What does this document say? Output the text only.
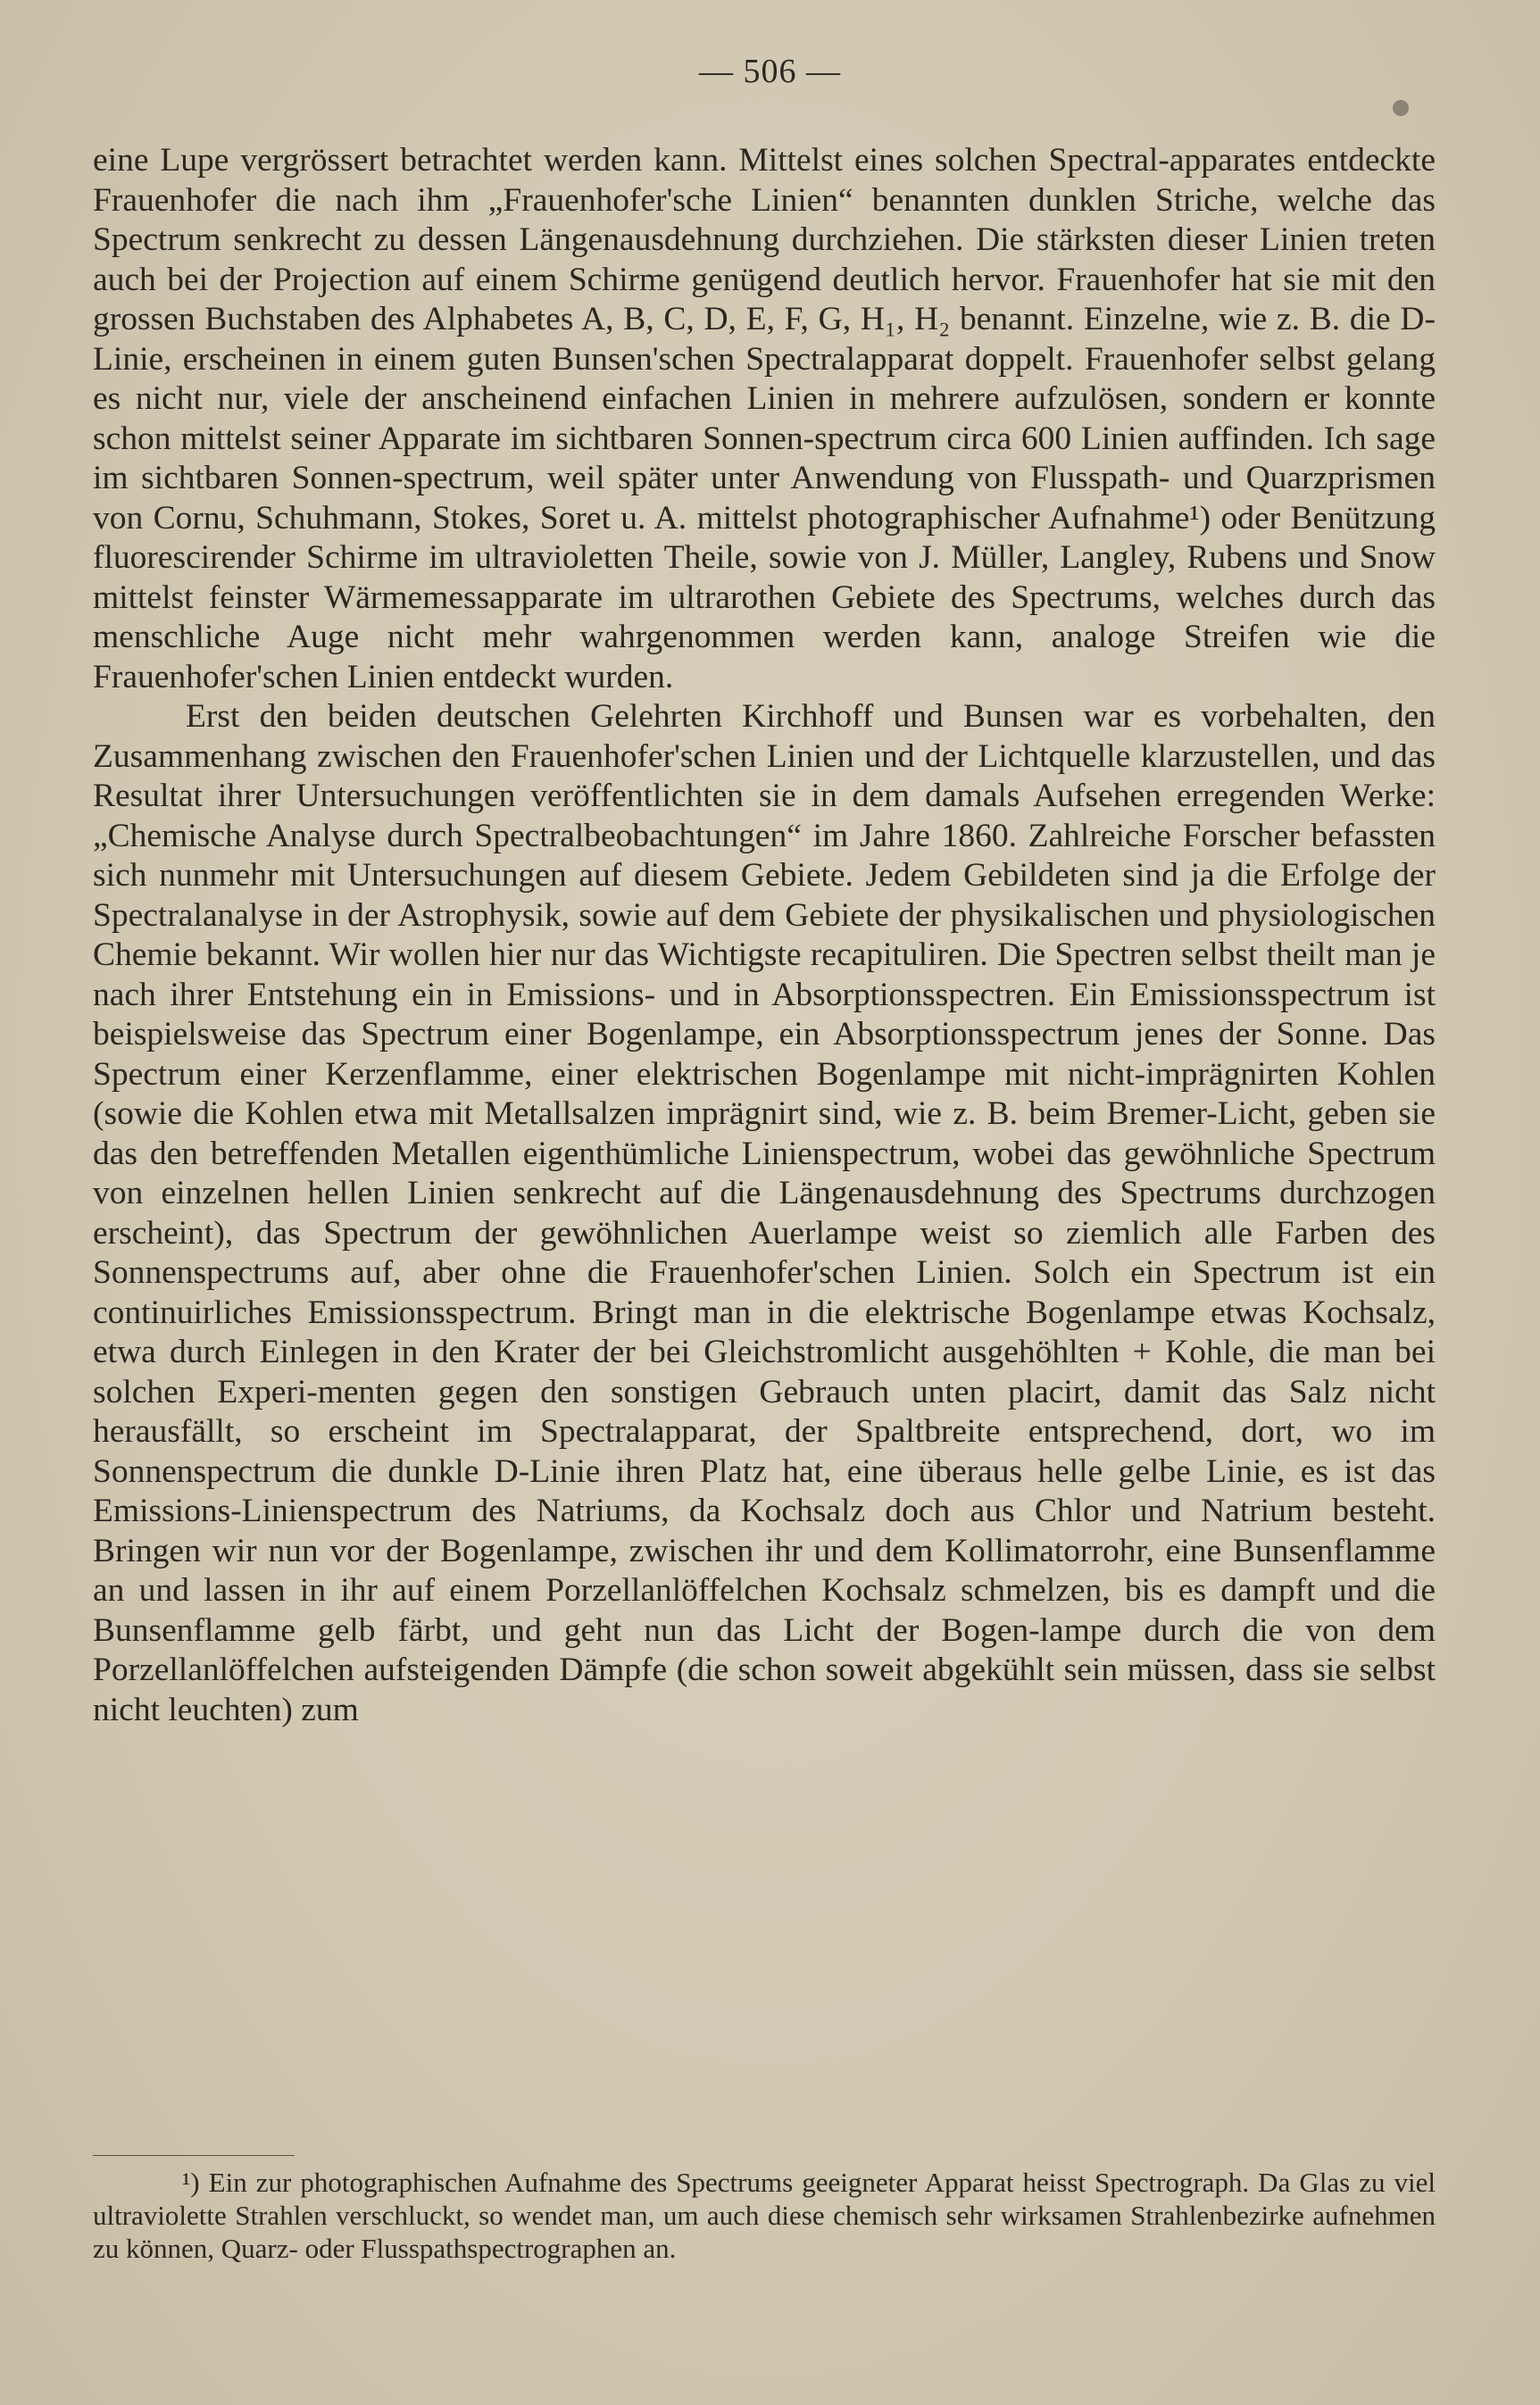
— 506 —

eine Lupe vergrössert betrachtet werden kann. Mittelst eines solchen Spectral-apparates entdeckte Frauenhofer die nach ihm „Frauenhofer'sche Linien“ benannten dunklen Striche, welche das Spectrum senkrecht zu dessen Längenausdehnung durchziehen. Die stärksten dieser Linien treten auch bei der Projection auf einem Schirme genügend deutlich hervor. Frauenhofer hat sie mit den grossen Buchstaben des Alphabetes A, B, C, D, E, F, G, H₁, H₂ benannt. Einzelne, wie z. B. die D-Linie, erscheinen in einem guten Bunsen'schen Spectralapparat doppelt. Frauenhofer selbst gelang es nicht nur, viele der anscheinend einfachen Linien in mehrere aufzulösen, sondern er konnte schon mittelst seiner Apparate im sichtbaren Sonnen-spectrum circa 600 Linien auffinden. Ich sage im sichtbaren Sonnen-spectrum, weil später unter Anwendung von Flusspath- und Quarzprismen von Cornu, Schuhmann, Stokes, Soret u. A. mittelst photographischer Aufnahme¹) oder Benützung fluorescirender Schirme im ultravioletten Theile, sowie von J. Müller, Langley, Rubens und Snow mittelst feinster Wärmemessapparate im ultrarothen Gebiete des Spectrums, welches durch das menschliche Auge nicht mehr wahrgenommen werden kann, analoge Streifen wie die Frauenhofer'schen Linien entdeckt wurden.

Erst den beiden deutschen Gelehrten Kirchhoff und Bunsen war es vorbehalten, den Zusammenhang zwischen den Frauenhofer'schen Linien und der Lichtquelle klarzustellen, und das Resultat ihrer Untersuchungen veröffentlichten sie in dem damals Aufsehen erregenden Werke: „Chemische Analyse durch Spectralbeobachtungen“ im Jahre 1860. Zahlreiche Forscher befassten sich nunmehr mit Untersuchungen auf diesem Gebiete. Jedem Gebildeten sind ja die Erfolge der Spectralanalyse in der Astrophysik, sowie auf dem Gebiete der physikalischen und physiologischen Chemie bekannt. Wir wollen hier nur das Wichtigste recapituliren. Die Spectren selbst theilt man je nach ihrer Entstehung ein in Emissions- und in Absorptionsspectren. Ein Emissionsspectrum ist beispielsweise das Spectrum einer Bogenlampe, ein Absorptionsspectrum jenes der Sonne. Das Spectrum einer Kerzenflamme, einer elektrischen Bogenlampe mit nicht-imprägnirten Kohlen (sowie die Kohlen etwa mit Metallsalzen imprägnirt sind, wie z. B. beim Bremer-Licht, geben sie das den betreffenden Metallen eigenthümliche Linienspectrum, wobei das gewöhnliche Spectrum von einzelnen hellen Linien senkrecht auf die Längenausdehnung des Spectrums durchzogen erscheint), das Spectrum der gewöhnlichen Auerlampe weist so ziemlich alle Farben des Sonnenspectrums auf, aber ohne die Frauenhofer'schen Linien. Solch ein Spectrum ist ein continuirliches Emissionsspectrum. Bringt man in die elektrische Bogenlampe etwas Kochsalz, etwa durch Einlegen in den Krater der bei Gleichstromlicht ausgehöhlten + Kohle, die man bei solchen Experi-menten gegen den sonstigen Gebrauch unten placirt, damit das Salz nicht herausfällt, so erscheint im Spectralapparat, der Spaltbreite entsprechend, dort, wo im Sonnenspectrum die dunkle D-Linie ihren Platz hat, eine überaus helle gelbe Linie, es ist das Emissions-Linienspectrum des Natriums, da Kochsalz doch aus Chlor und Natrium besteht. Bringen wir nun vor der Bogenlampe, zwischen ihr und dem Kollimatorrohr, eine Bunsenflamme an und lassen in ihr auf einem Porzellanlöffelchen Kochsalz schmelzen, bis es dampft und die Bunsenflamme gelb färbt, und geht nun das Licht der Bogen-lampe durch die von dem Porzellanlöffelchen aufsteigenden Dämpfe (die schon soweit abgekühlt sein müssen, dass sie selbst nicht leuchten) zum

¹) Ein zur photographischen Aufnahme des Spectrums geeigneter Apparat heisst Spectrograph. Da Glas zu viel ultraviolette Strahlen verschluckt, so wendet man, um auch diese chemisch sehr wirksamen Strahlenbezirke aufnehmen zu können, Quarz- oder Flusspathspectrographen an.
